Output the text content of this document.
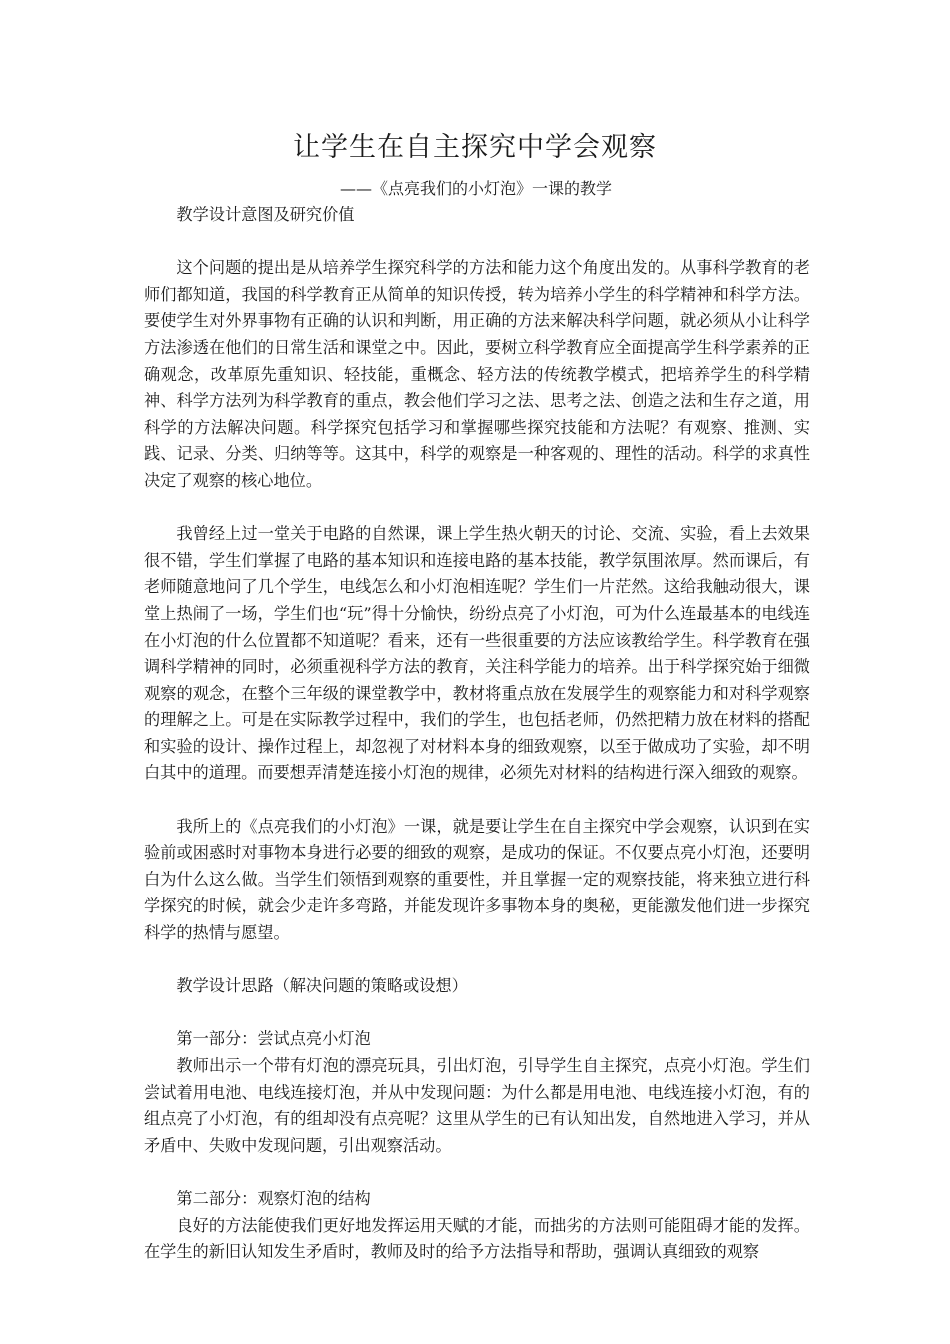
让学生在自主探究中学会观察
——《点亮我们的小灯泡》一课的教学

教学设计意图及研究价值

这个问题的提出是从培养学生探究科学的方法和能力这个角度出发的。从事科学教育的老师们都知道，我国的科学教育正从简单的知识传授，转为培养小学生的科学精神和科学方法。要使学生对外界事物有正确的认识和判断，用正确的方法来解决科学问题，就必须从小让科学方法渗透在他们的日常生活和课堂之中。因此，要树立科学教育应全面提高学生科学素养的正确观念，改革原先重知识、轻技能，重概念、轻方法的传统教学模式，把培养学生的科学精神、科学方法列为科学教育的重点，教会他们学习之法、思考之法、创造之法和生存之道，用科学的方法解决问题。科学探究包括学习和掌握哪些探究技能和方法呢？有观察、推测、实践、记录、分类、归纳等等。这其中，科学的观察是一种客观的、理性的活动。科学的求真性决定了观察的核心地位。

我曾经上过一堂关于电路的自然课，课上学生热火朝天的讨论、交流、实验，看上去效果很不错，学生们掌握了电路的基本知识和连接电路的基本技能，教学氛围浓厚。然而课后，有老师随意地问了几个学生，电线怎么和小灯泡相连呢？学生们一片茫然。这给我触动很大，课堂上热闹了一场，学生们也“玩”得十分愉快，纷纷点亮了小灯泡，可为什么连最基本的电线连在小灯泡的什么位置都不知道呢？看来，还有一些很重要的方法应该教给学生。科学教育在强调科学精神的同时，必须重视科学方法的教育，关注科学能力的培养。出于科学探究始于细微观察的观念，在整个三年级的课堂教学中，教材将重点放在发展学生的观察能力和对科学观察的理解之上。可是在实际教学过程中，我们的学生，也包括老师，仍然把精力放在材料的搭配和实验的设计、操作过程上，却忽视了对材料本身的细致观察，以至于做成功了实验，却不明白其中的道理。而要想弄清楚连接小灯泡的规律，必须先对材料的结构进行深入细致的观察。

我所上的《点亮我们的小灯泡》一课，就是要让学生在自主探究中学会观察，认识到在实验前或困惑时对事物本身进行必要的细致的观察，是成功的保证。不仅要点亮小灯泡，还要明白为什么这么做。当学生们领悟到观察的重要性，并且掌握一定的观察技能，将来独立进行科学探究的时候，就会少走许多弯路，并能发现许多事物本身的奥秘，更能激发他们进一步探究科学的热情与愿望。

教学设计思路（解决问题的策略或设想）

第一部分：尝试点亮小灯泡

教师出示一个带有灯泡的漂亮玩具，引出灯泡，引导学生自主探究，点亮小灯泡。学生们尝试着用电池、电线连接灯泡，并从中发现问题：为什么都是用电池、电线连接小灯泡，有的组点亮了小灯泡，有的组却没有点亮呢？这里从学生的已有认知出发，自然地进入学习，并从矛盾中、失败中发现问题，引出观察活动。

第二部分：观察灯泡的结构

良好的方法能使我们更好地发挥运用天赋的才能，而拙劣的方法则可能阻碍才能的发挥。在学生的新旧认知发生矛盾时，教师及时的给予方法指导和帮助，强调认真细致的观察
